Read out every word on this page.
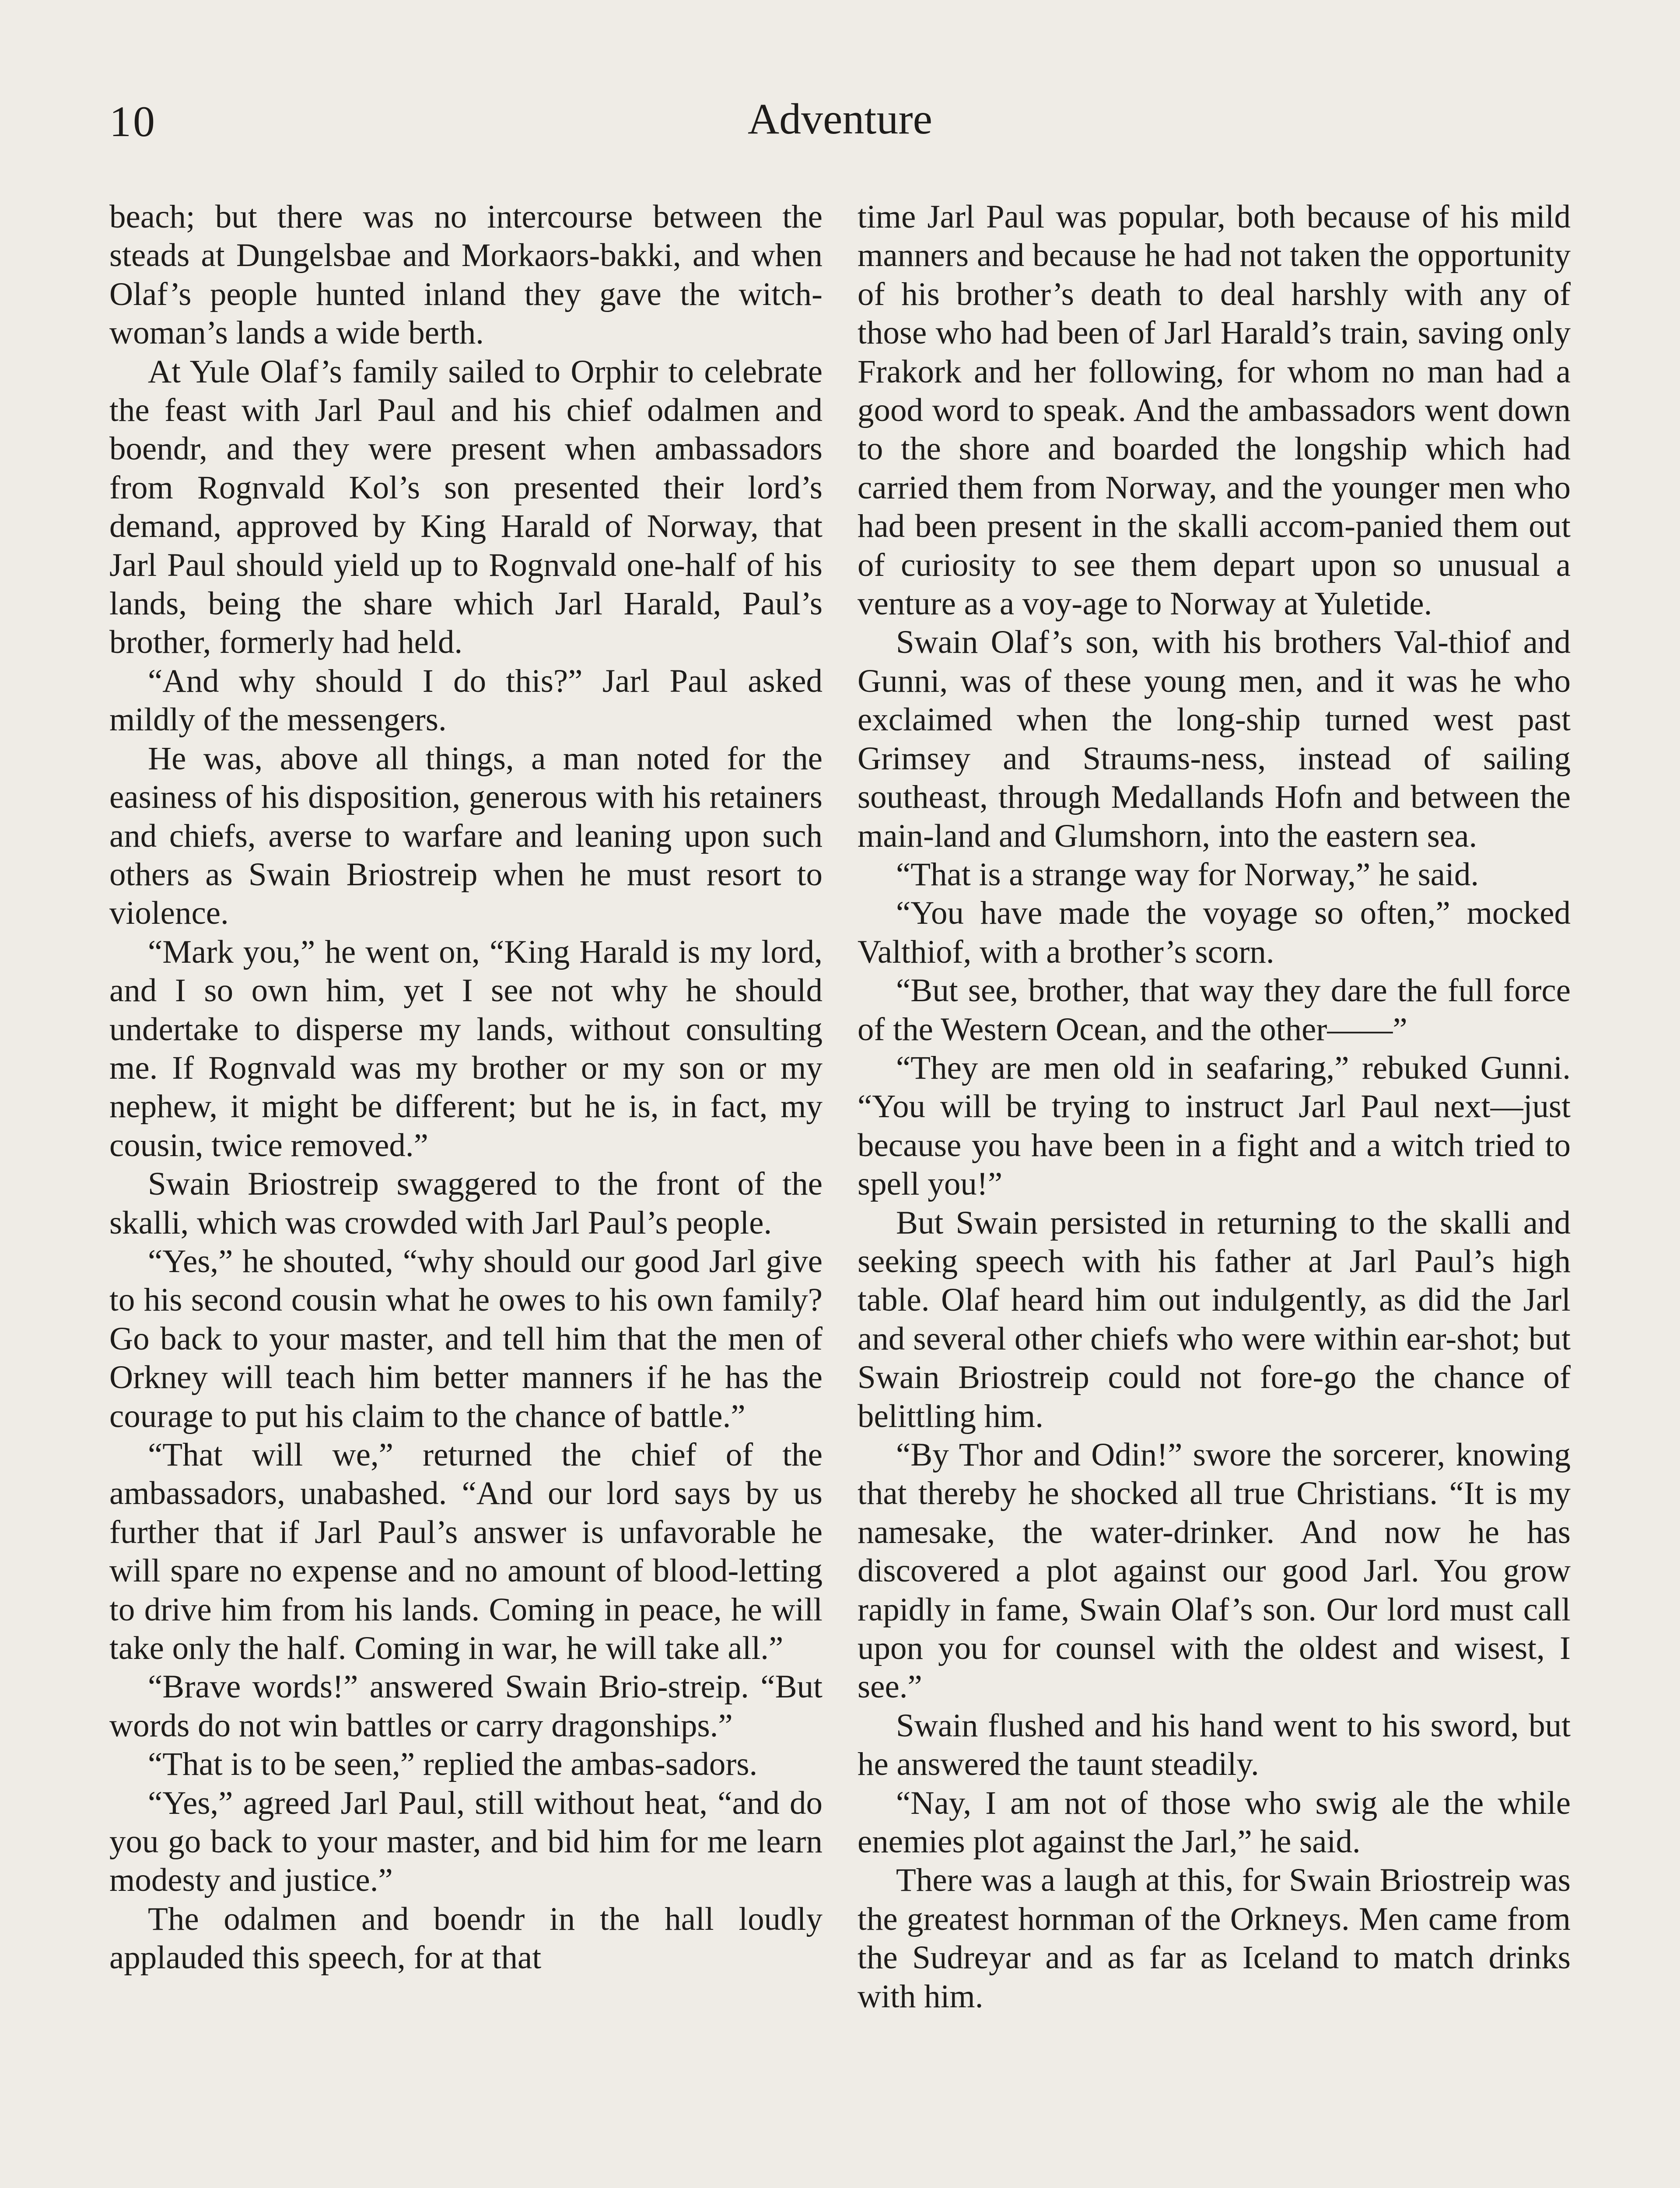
10	Adventure

beach; but there was no intercourse between the steads at Dungelsbae and Morkaors-bakki, and when Olaf’s people hunted inland they gave the witch-woman’s lands a wide berth.

At Yule Olaf’s family sailed to Orphir to celebrate the feast with Jarl Paul and his chief odalmen and boendr, and they were present when ambassadors from Rognvald Kol’s son presented their lord’s demand, approved by King Harald of Norway, that Jarl Paul should yield up to Rognvald one-half of his lands, being the share which Jarl Harald, Paul’s brother, formerly had held.

“And why should I do this?” Jarl Paul asked mildly of the messengers.

He was, above all things, a man noted for the easiness of his disposition, generous with his retainers and chiefs, averse to warfare and leaning upon such others as Swain Briostreip when he must resort to violence.

“Mark you,” he went on, “King Harald is my lord, and I so own him, yet I see not why he should undertake to disperse my lands, without consulting me. If Rognvald was my brother or my son or my nephew, it might be different; but he is, in fact, my cousin, twice removed.”

Swain Briostreip swaggered to the front of the skalli, which was crowded with Jarl Paul’s people.

“Yes,” he shouted, “why should our good Jarl give to his second cousin what he owes to his own family? Go back to your master, and tell him that the men of Orkney will teach him better manners if he has the courage to put his claim to the chance of battle.”

“That will we,” returned the chief of the ambassadors, unabashed. “And our lord says by us further that if Jarl Paul’s answer is unfavorable he will spare no expense and no amount of blood-letting to drive him from his lands. Coming in peace, he will take only the half. Coming in war, he will take all.”

“Brave words!” answered Swain Brio-streip. “But words do not win battles or carry dragonships.”

“That is to be seen,” replied the ambas-sadors.

“Yes,” agreed Jarl Paul, still without heat, “and do you go back to your master, and bid him for me learn modesty and justice.”

The odalmen and boendr in the hall loudly applauded this speech, for at that

time Jarl Paul was popular, both because of his mild manners and because he had not taken the opportunity of his brother’s death to deal harshly with any of those who had been of Jarl Harald’s train, saving only Frakork and her following, for whom no man had a good word to speak. And the ambassadors went down to the shore and boarded the longship which had carried them from Norway, and the younger men who had been present in the skalli accom-panied them out of curiosity to see them depart upon so unusual a venture as a voy-age to Norway at Yuletide.

Swain Olaf’s son, with his brothers Val-thiof and Gunni, was of these young men, and it was he who exclaimed when the long-ship turned west past Grimsey and Straums-ness, instead of sailing southeast, through Medallands Hofn and between the main-land and Glumshorn, into the eastern sea.

“That is a strange way for Norway,” he said.

“You have made the voyage so often,” mocked Valthiof, with a brother’s scorn.

“But see, brother, that way they dare the full force of the Western Ocean, and the other——”

“They are men old in seafaring,” rebuked Gunni. “You will be trying to instruct Jarl Paul next—just because you have been in a fight and a witch tried to spell you!”

But Swain persisted in returning to the skalli and seeking speech with his father at Jarl Paul’s high table. Olaf heard him out indulgently, as did the Jarl and several other chiefs who were within ear-shot; but Swain Briostreip could not fore-go the chance of belittling him.

“By Thor and Odin!” swore the sorcerer, knowing that thereby he shocked all true Christians. “It is my namesake, the water-drinker. And now he has discovered a plot against our good Jarl. You grow rapidly in fame, Swain Olaf’s son. Our lord must call upon you for counsel with the oldest and wisest, I see.”

Swain flushed and his hand went to his sword, but he answered the taunt steadily.

“Nay, I am not of those who swig ale the while enemies plot against the Jarl,” he said.

There was a laugh at this, for Swain Briostreip was the greatest hornman of the Orkneys. Men came from the Sudreyar and as far as Iceland to match drinks with him.
